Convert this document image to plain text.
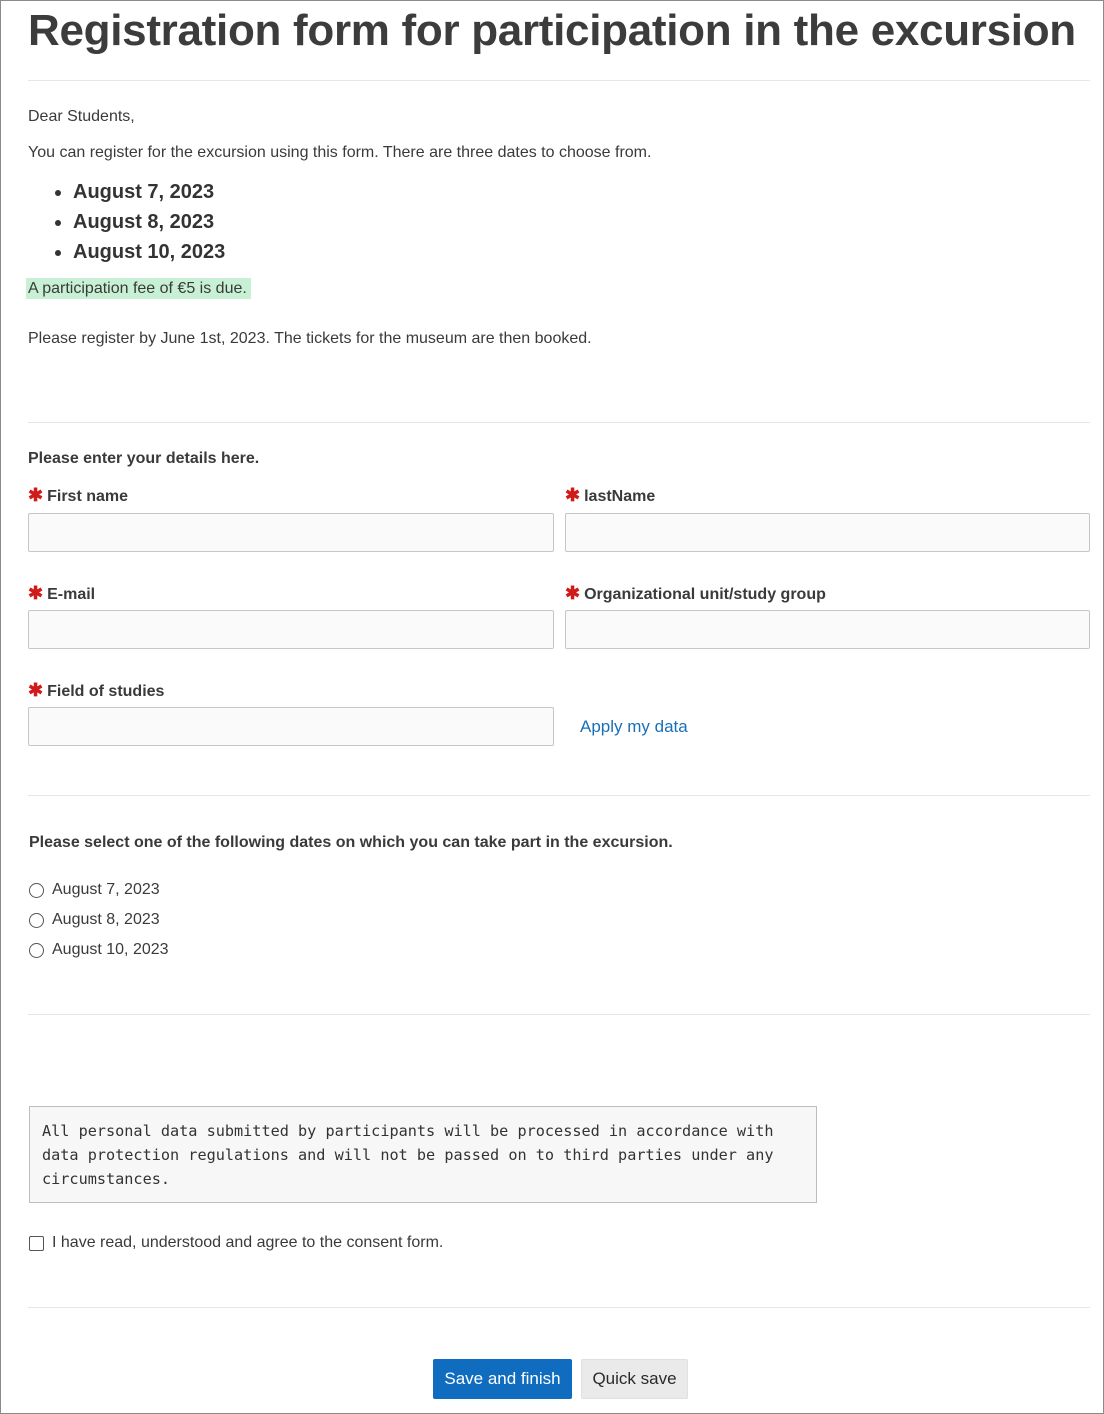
Registration form for participation in the excursion
Dear Students,
You can register for the excursion using this form. There are three dates to choose from.
August 7, 2023
August 8, 2023
August 10, 2023
A participation fee of €5 is due.
Please register by June 1st, 2023. The tickets for the museum are then booked.
Please enter your details here.
✱ First name	✱ lastName
✱ E-mail	✱ Organizational unit/study group
✱ Field of studies
Apply my data
Please select one of the following dates on which you can take part in the excursion.
August 7, 2023
August 8, 2023
August 10, 2023
All personal data submitted by participants will be processed in accordance with
data protection regulations and will not be passed on to third parties under any
circumstances.
I have read, understood and agree to the consent form.
Save and finish	Quick save
